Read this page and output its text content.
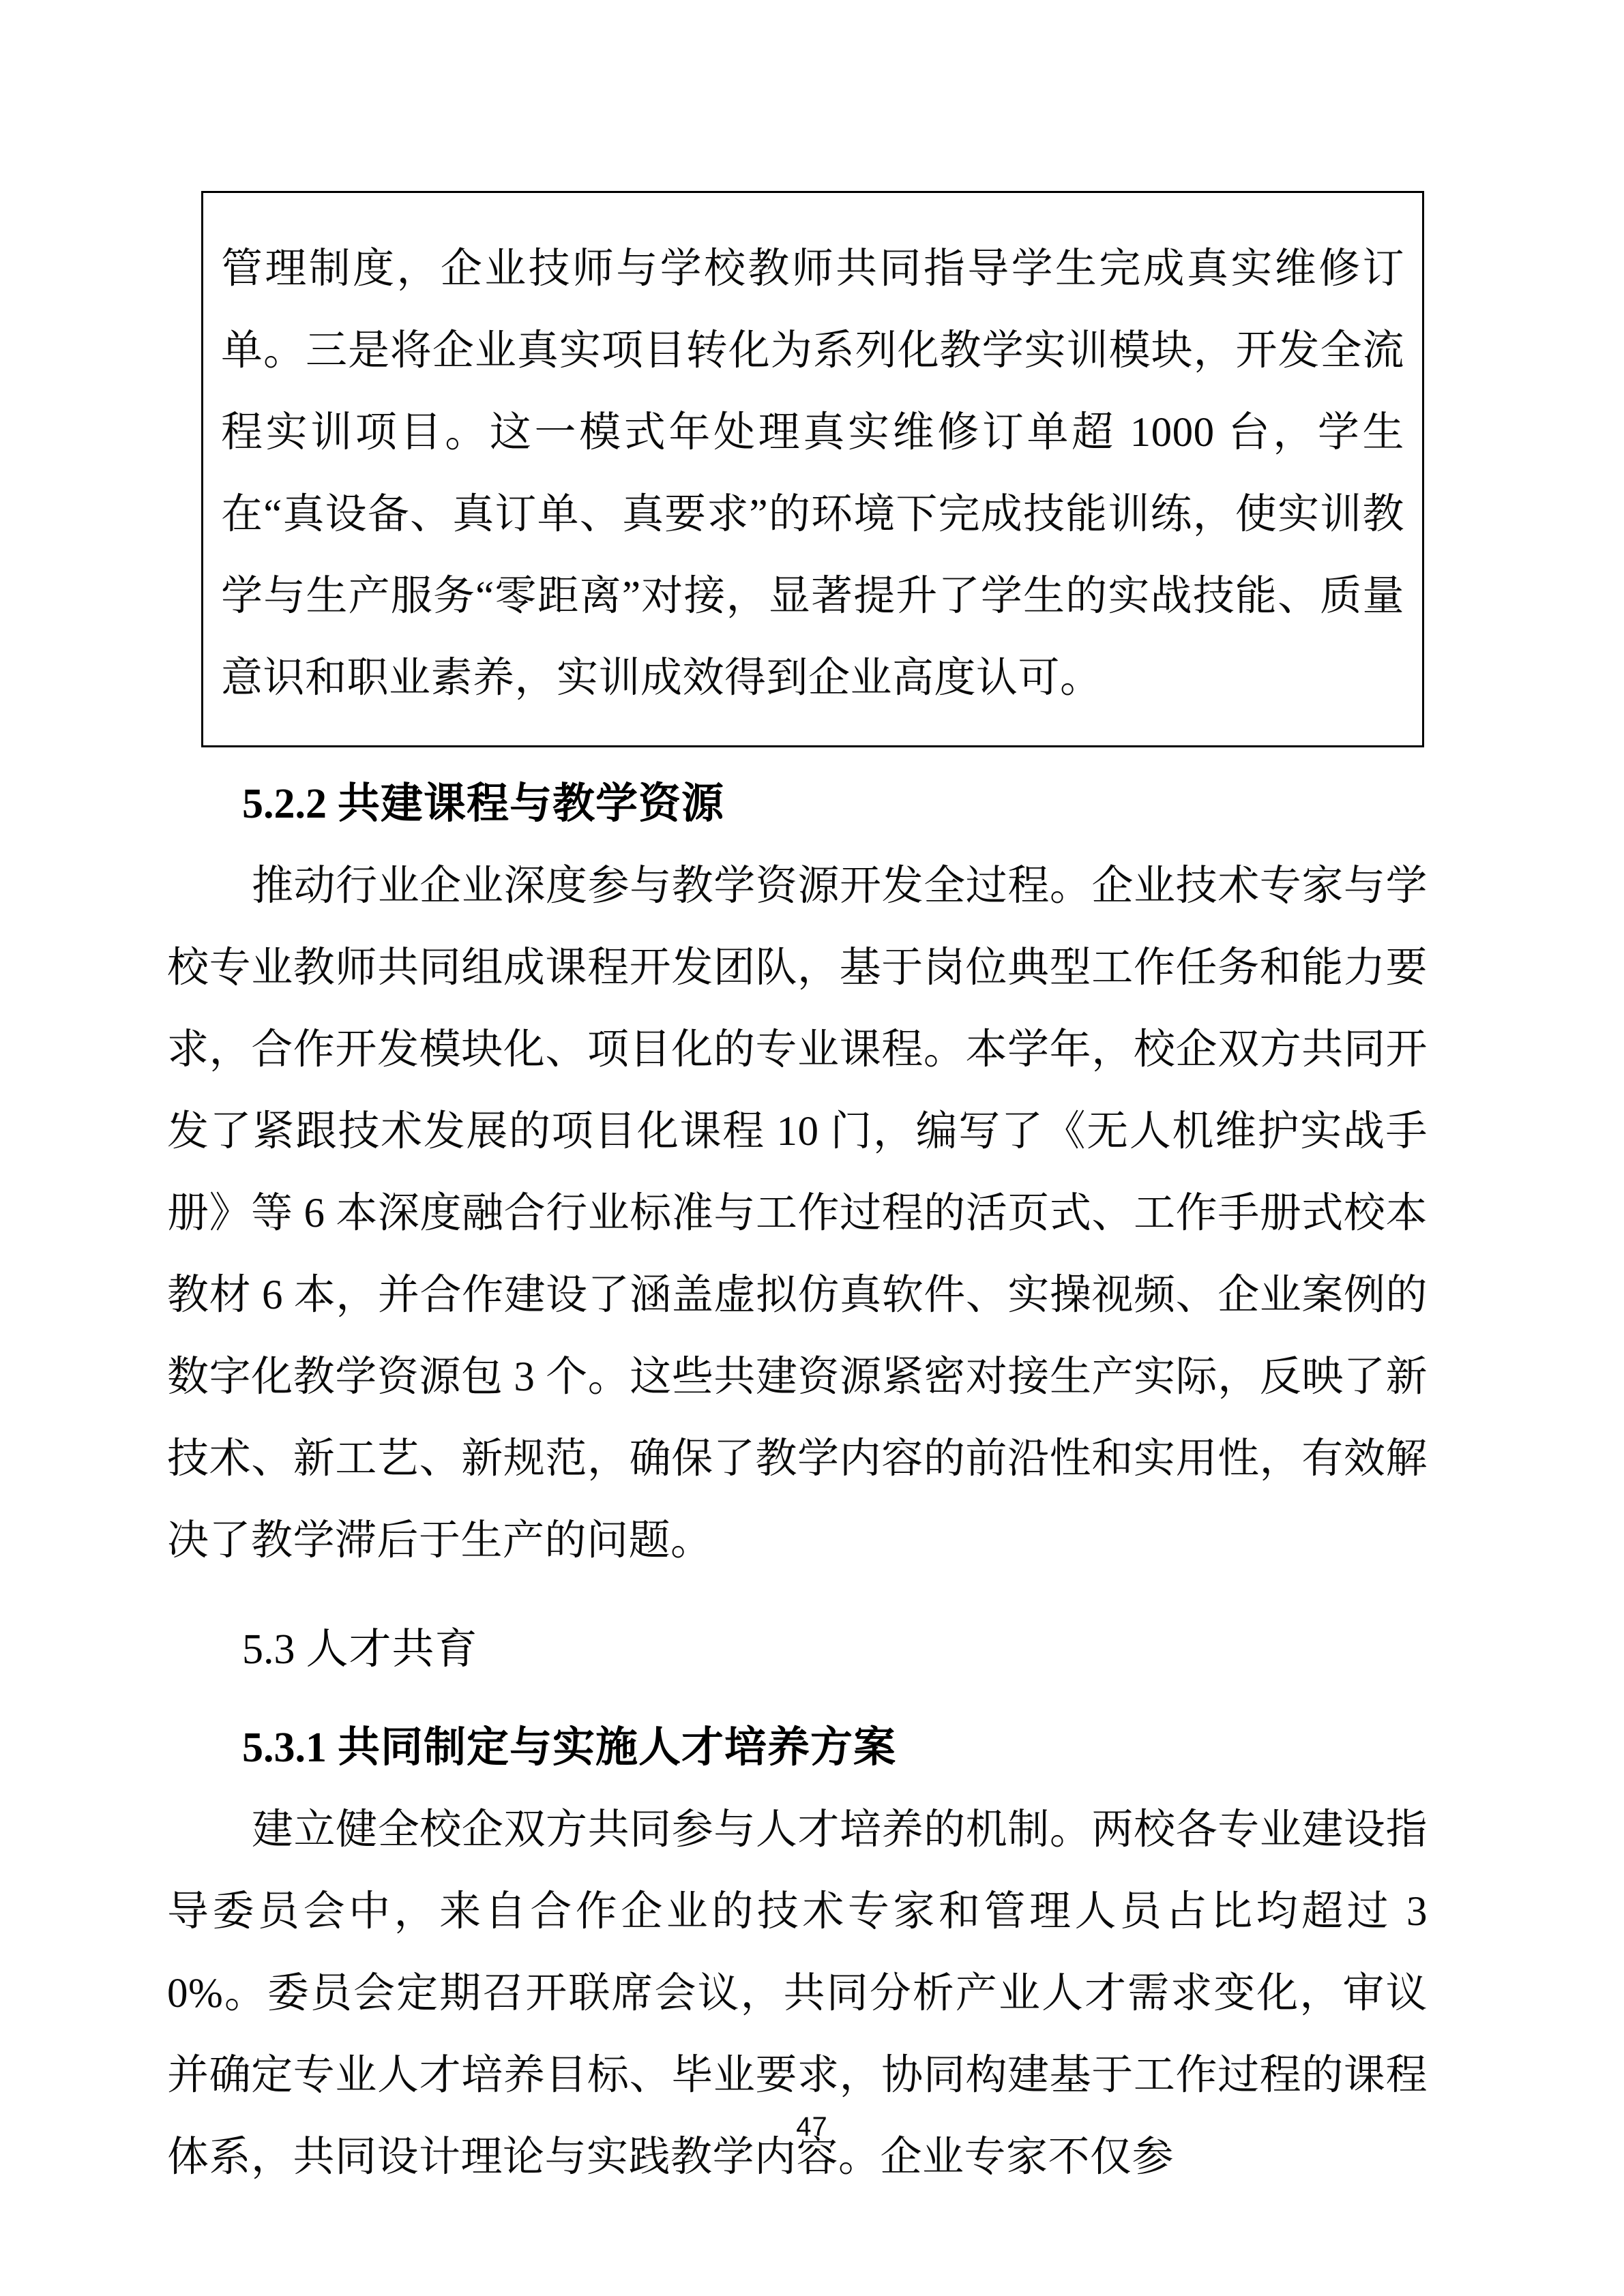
管理制度，企业技师与学校教师共同指导学生完成真实维修订单。三是将企业真实项目转化为系列化教学实训模块，开发全流程实训项目。这一模式年处理真实维修订单超 1000 台，学生在“真设备、真订单、真要求”的环境下完成技能训练，使实训教学与生产服务“零距离”对接，显著提升了学生的实战技能、质量意识和职业素养，实训成效得到企业高度认可。

5.2.2 共建课程与教学资源

推动行业企业深度参与教学资源开发全过程。企业技术专家与学校专业教师共同组成课程开发团队，基于岗位典型工作任务和能力要求，合作开发模块化、项目化的专业课程。本学年，校企双方共同开发了紧跟技术发展的项目化课程 10 门，编写了《无人机维护实战手册》等 6 本深度融合行业标准与工作过程的活页式、工作手册式校本教材 6 本，并合作建设了涵盖虚拟仿真软件、实操视频、企业案例的数字化教学资源包 3 个。这些共建资源紧密对接生产实际，反映了新技术、新工艺、新规范，确保了教学内容的前沿性和实用性，有效解决了教学滞后于生产的问题。

5.3 人才共育
5.3.1 共同制定与实施人才培养方案

建立健全校企双方共同参与人才培养的机制。两校各专业建设指导委员会中，来自合作企业的技术专家和管理人员占比均超过 30%。委员会定期召开联席会议，共同分析产业人才需求变化，审议并确定专业人才培养目标、毕业要求，协同构建基于工作过程的课程体系，共同设计理论与实践教学内容。企业专家不仅参

47
